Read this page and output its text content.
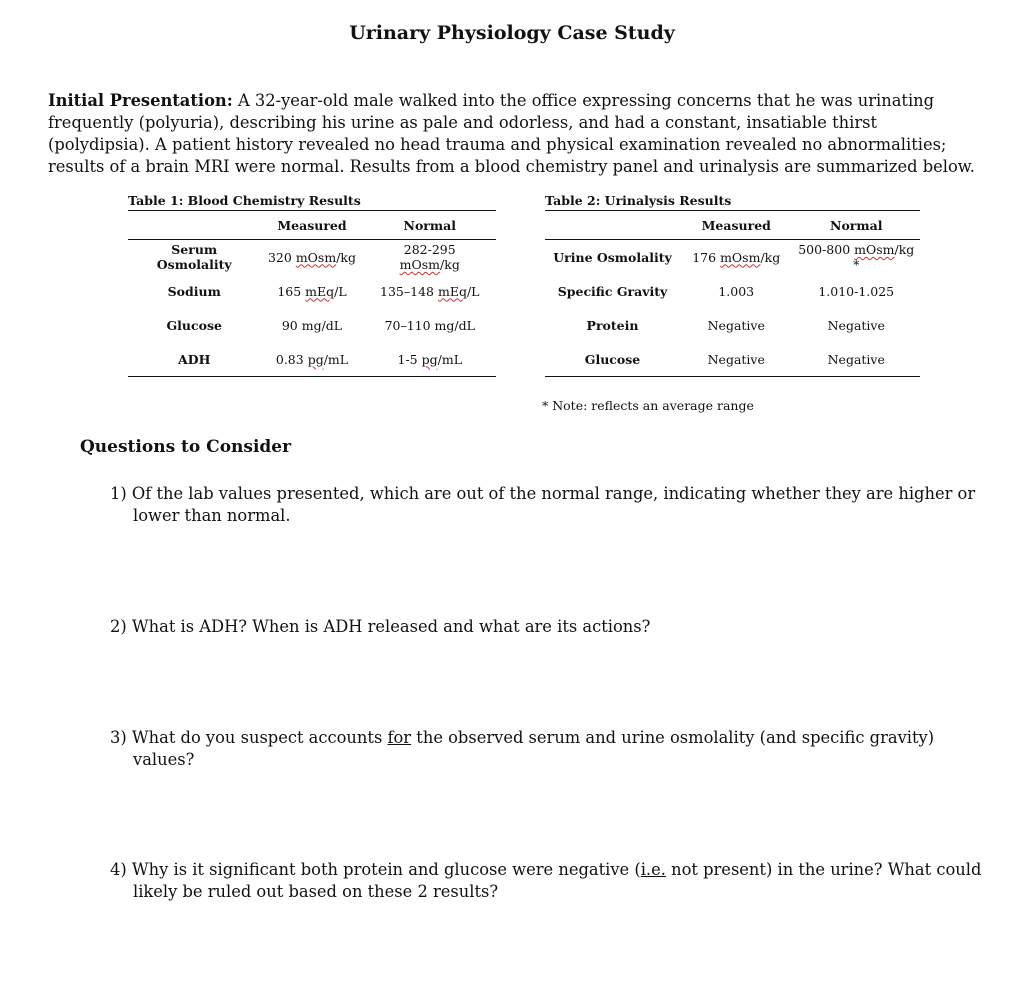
Urinary Physiology Case Study
Initial Presentation: A 32-year-old male walked into the office expressing concerns that he was urinating frequently (polyuria), describing his urine as pale and odorless, and had a constant, insatiable thirst (polydipsia). A patient history revealed no head trauma and physical examination revealed no abnormalities; results of a brain MRI were normal. Results from a blood chemistry panel and urinalysis are summarized below.
Table 1: Blood Chemistry Results
	Measured	Normal
Serum Osmolality	320 mOsm/kg	282-295
mOsm/kg
Sodium	165 mEq/L	135–148 mEq/L
Glucose	90 mg/dL	70–110 mg/dL
ADH	0.83 pg/mL	1-5 pg/mL
Table 2: Urinalysis Results
	Measured	Normal
Urine Osmolality	176 mOsm/kg	500-800 mOsm/kg *
Specific Gravity	1.003	1.010-1.025
Protein	Negative	Negative
Glucose	Negative	Negative
* Note: reflects an average range
Questions to Consider
1) Of the lab values presented, which are out of the normal range, indicating whether they are higher or lower than normal.
2) What is ADH? When is ADH released and what are its actions?
3) What do you suspect accounts for the observed serum and urine osmolality (and specific gravity) values?
4) Why is it significant both protein and glucose were negative (i.e. not present) in the urine? What could likely be ruled out based on these 2 results?
